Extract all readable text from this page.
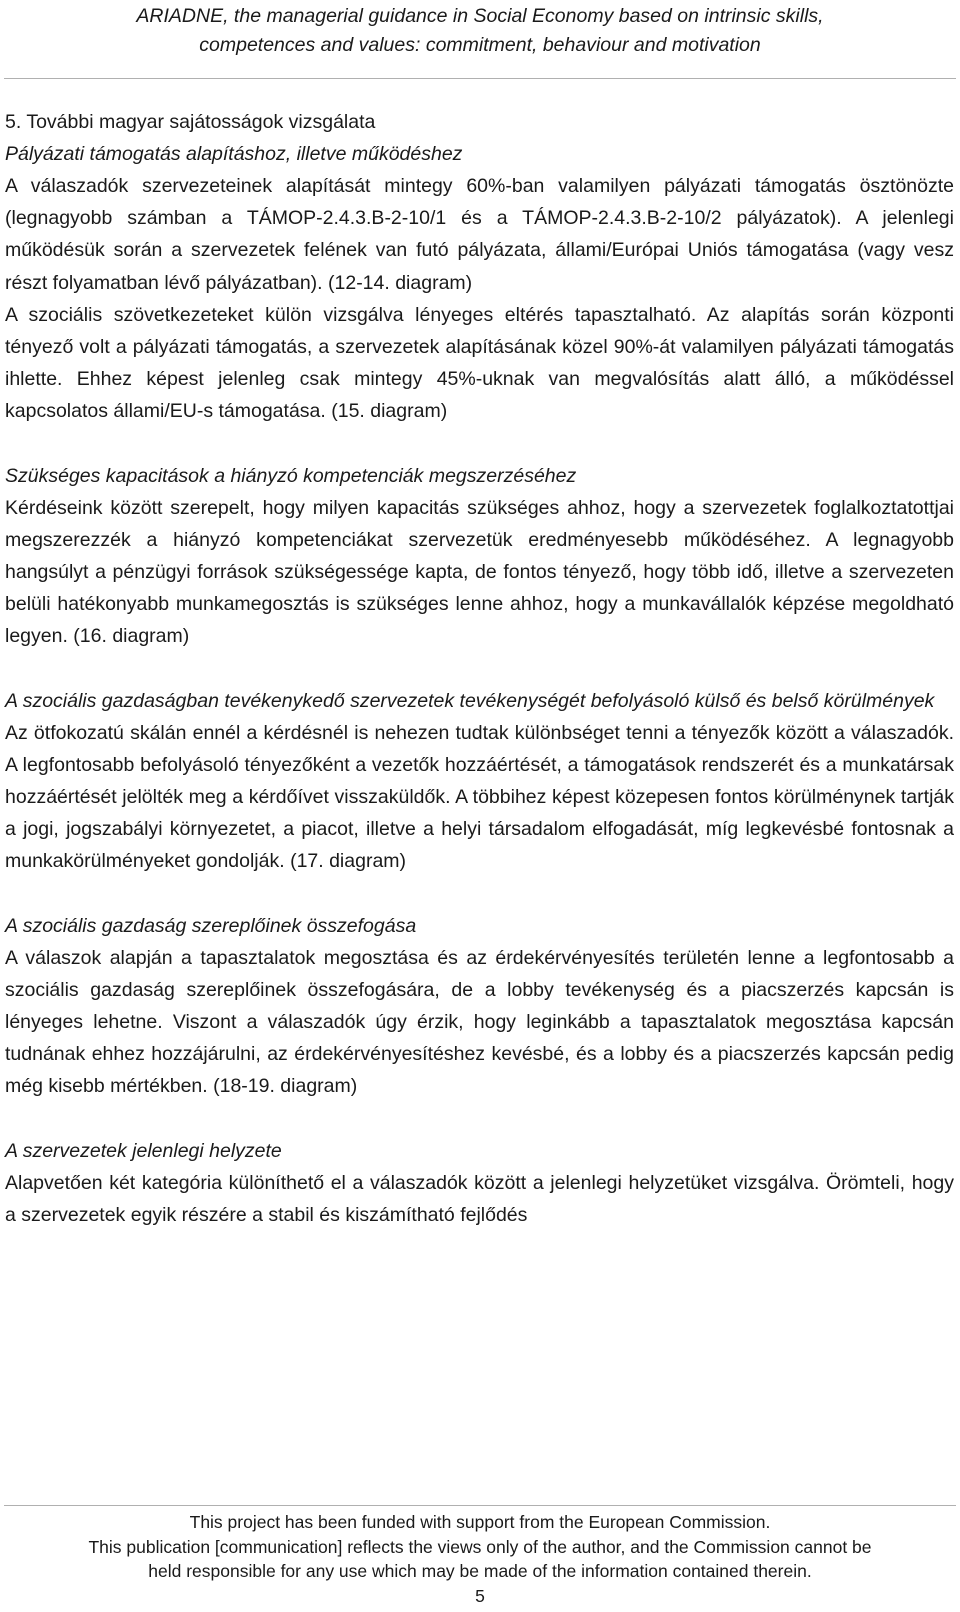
ARIADNE, the managerial guidance in Social Economy based on intrinsic skills,
competences and values: commitment, behaviour and motivation
5. További magyar sajátosságok vizsgálata

Pályázati támogatás alapításhoz, illetve működéshez

A válaszadók szervezeteinek alapítását mintegy 60%-ban valamilyen pályázati támogatás ösztönözte (legnagyobb számban a TÁMOP-2.4.3.B-2-10/1 és a TÁMOP-2.4.3.B-2-10/2 pályázatok). A jelenlegi működésük során a szervezetek felének van futó pályázata, állami/Európai Uniós támogatása (vagy vesz részt folyamatban lévő pályázatban). (12-14. diagram)

A szociális szövetkezeteket külön vizsgálva lényeges eltérés tapasztalható. Az alapítás során központi tényező volt a pályázati támogatás, a szervezetek alapításának közel 90%-át valamilyen pályázati támogatás ihlette. Ehhez képest jelenleg csak mintegy 45%-uknak van megvalósítás alatt álló, a működéssel kapcsolatos állami/EU-s támogatása. (15. diagram)

Szükséges kapacitások a hiányzó kompetenciák megszerzéséhez

Kérdéseink között szerepelt, hogy milyen kapacitás szükséges ahhoz, hogy a szervezetek foglalkoztatottjai megszerezzék a hiányzó kompetenciákat szervezetük eredményesebb működéséhez. A legnagyobb hangsúlyt a pénzügyi források szükségessége kapta, de fontos tényező, hogy több idő, illetve a szervezeten belüli hatékonyabb munkamegosztás is szükséges lenne ahhoz, hogy a munkavállalók képzése megoldható legyen. (16. diagram)

A szociális gazdaságban tevékenykedő szervezetek tevékenységét befolyásoló külső és belső körülmények

Az ötfokozatú skálán ennél a kérdésnél is nehezen tudtak különbséget tenni a tényezők között a válaszadók. A legfontosabb befolyásoló tényezőként a vezetők hozzáértését, a támogatások rendszerét és a munkatársak hozzáértését jelölték meg a kérdőívet visszaküldők. A többihez képest közepesen fontos körülménynek tartják a jogi, jogszabályi környezetet, a piacot, illetve a helyi társadalom elfogadását, míg legkevésbé fontosnak a munkakörülményeket gondolják. (17. diagram)

A szociális gazdaság szereplőinek összefogása

A válaszok alapján a tapasztalatok megosztása és az érdekérvényesítés területén lenne a legfontosabb a szociális gazdaság szereplőinek összefogására, de a lobby tevékenység és a piacszerzés kapcsán is lényeges lehetne. Viszont a válaszadók úgy érzik, hogy leginkább a tapasztalatok megosztása kapcsán tudnának ehhez hozzájárulni, az érdekérvényesítéshez kevésbé, és a lobby és a piacszerzés kapcsán pedig még kisebb mértékben. (18-19. diagram)

A szervezetek jelenlegi helyzete

Alapvetően két kategória különíthető el a válaszadók között a jelenlegi helyzetüket vizsgálva. Örömteli, hogy a szervezetek egyik részére a stabil és kiszámítható fejlődés

This project has been funded with support from the European Commission.
This publication [communication] reflects the views only of the author, and the Commission cannot be
held responsible for any use which may be made of the information contained therein.
5
